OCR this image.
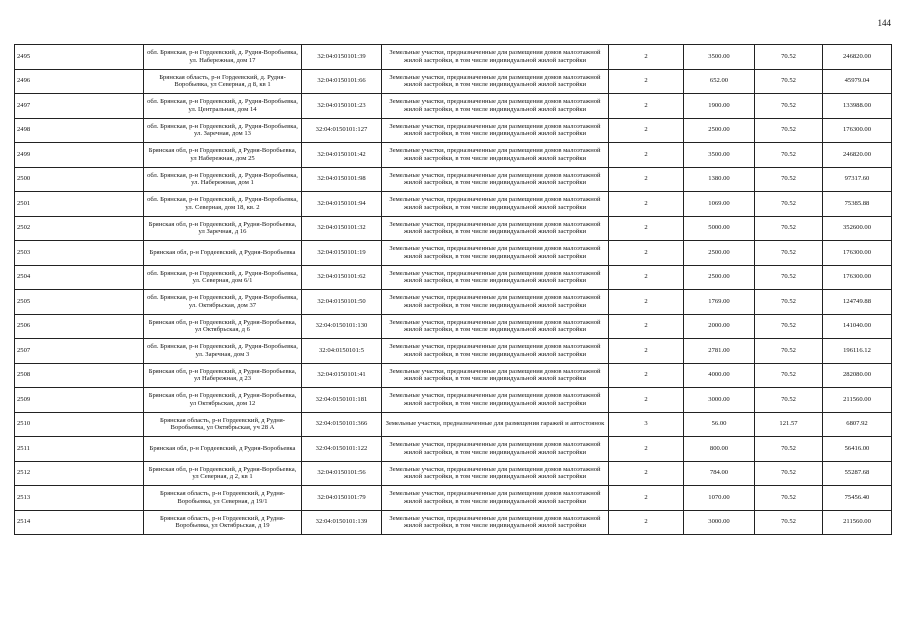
144
2495	обл. Брянская, р-н Гордеевский, д. Рудня-Воробьевка, ул. Набережная, дом 17	32:04:0150101:39	Земельные участки, предназначенные для размещения домов малоэтажной жилой застройки, в том числе индивидуальной жилой застройки	2	3500.00	70.52	246820.00
2496	Брянская область, р-н Гордеевский, д. Рудня-Воробьевка, ул Северная, д 8, кв 1	32:04:0150101:66	Земельные участки, предназначенные для размещения домов малоэтажной жилой застройки, в том числе индивидуальной жилой застройки	2	652.00	70.52	45979.04
2497	обл. Брянская, р-н Гордеевский, д. Рудня-Воробьевка, ул. Центральная, дом 14	32:04:0150101:23	Земельные участки, предназначенные для размещения домов малоэтажной жилой застройки, в том числе индивидуальной жилой застройки	2	1900.00	70.52	133988.00
2498	обл. Брянская, р-н Гордеевский, д. Рудня-Воробьевка, ул. Заречная, дом 13	32:04:0150101:127	Земельные участки, предназначенные для размещения домов малоэтажной жилой застройки, в том числе индивидуальной жилой застройки	2	2500.00	70.52	176300.00
2499	Брянская обл, р-н Гордеевский, д Рудня-Воробьевка, ул Набережная, дом 25	32:04:0150101:42	Земельные участки, предназначенные для размещения домов малоэтажной жилой застройки, в том числе индивидуальной жилой застройки	2	3500.00	70.52	246820.00
2500	обл. Брянская, р-н Гордеевский, д. Рудня-Воробьевка, ул. Набережная, дом 1	32:04:0150101:98	Земельные участки, предназначенные для размещения домов малоэтажной жилой застройки, в том числе индивидуальной жилой застройки	2	1380.00	70.52	97317.60
2501	обл. Брянская, р-н Гордеевский, д. Рудня-Воробьевка, ул. Северная, дом 18, кв. 2	32:04:0150101:94	Земельные участки, предназначенные для размещения домов малоэтажной жилой застройки, в том числе индивидуальной жилой застройки	2	1069.00	70.52	75385.88
2502	Брянская обл, р-н Гордеевский, д Рудня-Воробьевка, ул Заречная, д 16	32:04:0150101:32	Земельные участки, предназначенные для размещения домов малоэтажной жилой застройки, в том числе индивидуальной жилой застройки	2	5000.00	70.52	352600.00
2503	Брянская обл, р-н Гордеевский, д Рудня-Воробьевка	32:04:0150101:19	Земельные участки, предназначенные для размещения домов малоэтажной жилой застройки, в том числе индивидуальной жилой застройки	2	2500.00	70.52	176300.00
2504	обл. Брянская, р-н Гордеевский, д. Рудня-Воробьевка, ул. Северная, дом 6/1	32:04:0150101:62	Земельные участки, предназначенные для размещения домов малоэтажной жилой застройки, в том числе индивидуальной жилой застройки	2	2500.00	70.52	176300.00
2505	обл. Брянская, р-н Гордеевский, д. Рудня-Воробьевка, ул. Октябрьская, дом 37	32:04:0150101:50	Земельные участки, предназначенные для размещения домов малоэтажной жилой застройки, в том числе индивидуальной жилой застройки	2	1769.00	70.52	124749.88
2506	Брянская обл, р-н Гордеевский, д Рудня-Воробьевка, ул Октябрьская, д 6	32:04:0150101:130	Земельные участки, предназначенные для размещения домов малоэтажной жилой застройки, в том числе индивидуальной жилой застройки	2	2000.00	70.52	141040.00
2507	обл. Брянская, р-н Гордеевский, д. Рудня-Воробьевка, ул. Заречная, дом 3	32:04:0150101:5	Земельные участки, предназначенные для размещения домов малоэтажной жилой застройки, в том числе индивидуальной жилой застройки	2	2781.00	70.52	196116.12
2508	Брянская обл, р-н Гордеевский, д Рудня-Воробьевка, ул Набережная, д 23	32:04:0150101:41	Земельные участки, предназначенные для размещения домов малоэтажной жилой застройки, в том числе индивидуальной жилой застройки	2	4000.00	70.52	282080.00
2509	Брянская обл, р-н Гордеевский, д Рудня-Воробьевка, ул Октябрьская, дом 12	32:04:0150101:181	Земельные участки, предназначенные для размещения домов малоэтажной жилой застройки, в том числе индивидуальной жилой застройки	2	3000.00	70.52	211560.00
2510	Брянская область, р-н Гордеевский, д Рудня-Воробьевка, ул Октябрьская, уч 28 А	32:04:0150101:366	Земельные участки, предназначенные для размещения гаражей и автостоянок	3	56.00	121.57	6807.92
2511	Брянская обл, р-н Гордеевский, д Рудня-Воробьевка	32:04:0150101:122	Земельные участки, предназначенные для размещения домов малоэтажной жилой застройки, в том числе индивидуальной жилой застройки	2	800.00	70.52	56416.00
2512	Брянская обл, р-н Гордеевский, д Рудня-Воробьевка, ул Северная, д 2, кв 1	32:04:0150101:56	Земельные участки, предназначенные для размещения домов малоэтажной жилой застройки, в том числе индивидуальной жилой застройки	2	784.00	70.52	55287.68
2513	Брянская область, р-н Гордеевский, д Рудня-Воробьевка, ул Северная, д 19/1	32:04:0150101:79	Земельные участки, предназначенные для размещения домов малоэтажной жилой застройки, в том числе индивидуальной жилой застройки	2	1070.00	70.52	75456.40
2514	Брянская область, р-н Гордеевский, д Рудня-Воробьевка, ул Октябрьская, д 19	32:04:0150101:139	Земельные участки, предназначенные для размещения домов малоэтажной жилой застройки, в том числе индивидуальной жилой застройки	2	3000.00	70.52	211560.00
